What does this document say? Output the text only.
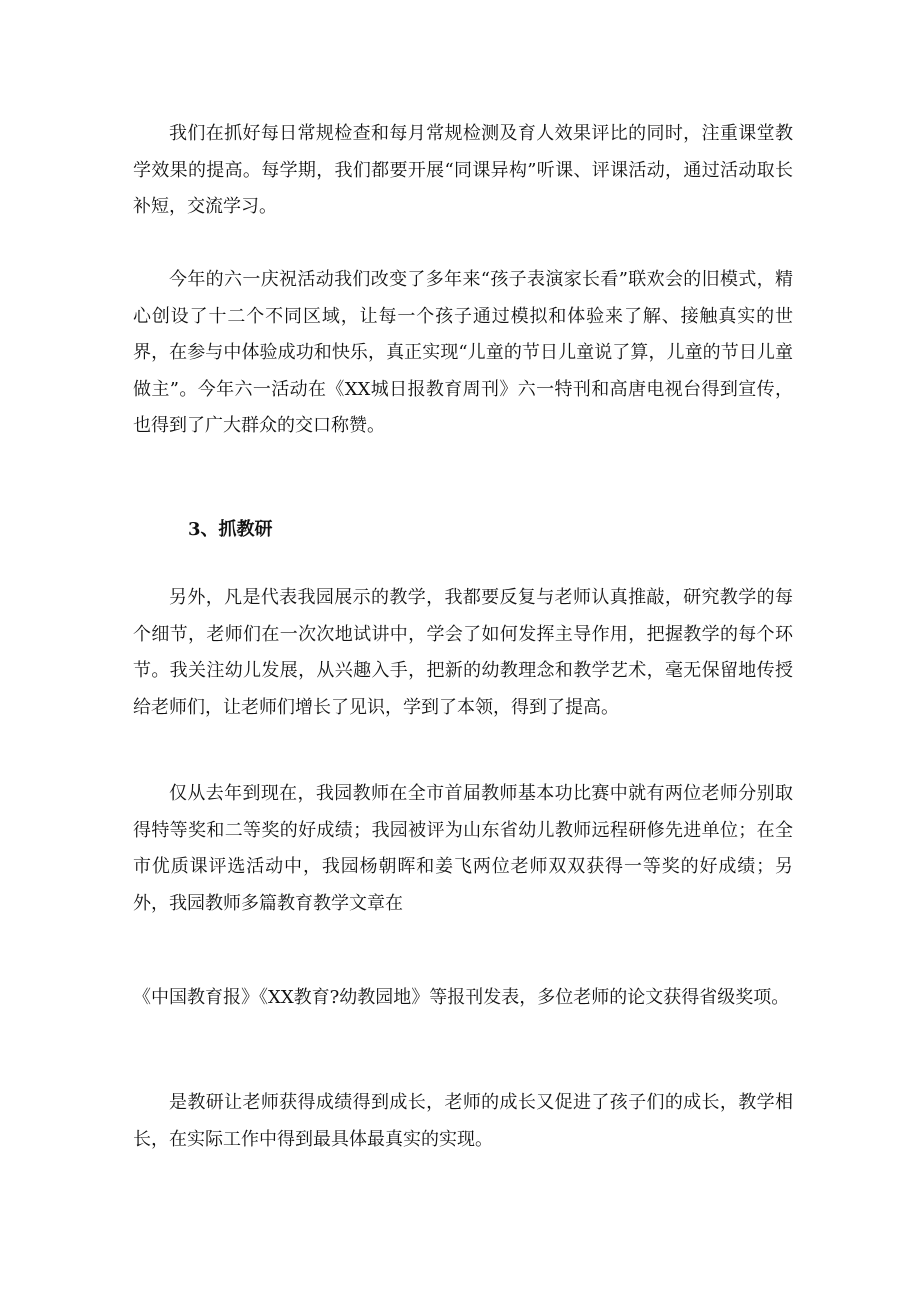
我们在抓好每日常规检查和每月常规检测及育人效果评比的同时，注重课堂教学效果的提高。每学期，我们都要开展“同课异构”听课、评课活动，通过活动取长补短，交流学习。

今年的六一庆祝活动我们改变了多年来“孩子表演家长看”联欢会的旧模式，精心创设了十二个不同区域，让每一个孩子通过模拟和体验来了解、接触真实的世界，在参与中体验成功和快乐，真正实现“儿童的节日儿童说了算，儿童的节日儿童做主”。今年六一活动在《XX城日报教育周刊》六一特刊和高唐电视台得到宣传，也得到了广大群众的交口称赞。

3、抓教研

另外，凡是代表我园展示的教学，我都要反复与老师认真推敲，研究教学的每个细节，老师们在一次次地试讲中，学会了如何发挥主导作用，把握教学的每个环节。我关注幼儿发展，从兴趣入手，把新的幼教理念和教学艺术，毫无保留地传授给老师们，让老师们增长了见识，学到了本领，得到了提高。

仅从去年到现在，我园教师在全市首届教师基本功比赛中就有两位老师分别取得特等奖和二等奖的好成绩；我园被评为山东省幼儿教师远程研修先进单位；在全市优质课评选活动中，我园杨朝晖和姜飞两位老师双双获得一等奖的好成绩；另外，我园教师多篇教育教学文章在

《中国教育报》《XX教育?幼教园地》等报刊发表，多位老师的论文获得省级奖项。

是教研让老师获得成绩得到成长，老师的成长又促进了孩子们的成长，教学相长，在实际工作中得到最具体最真实的实现。
